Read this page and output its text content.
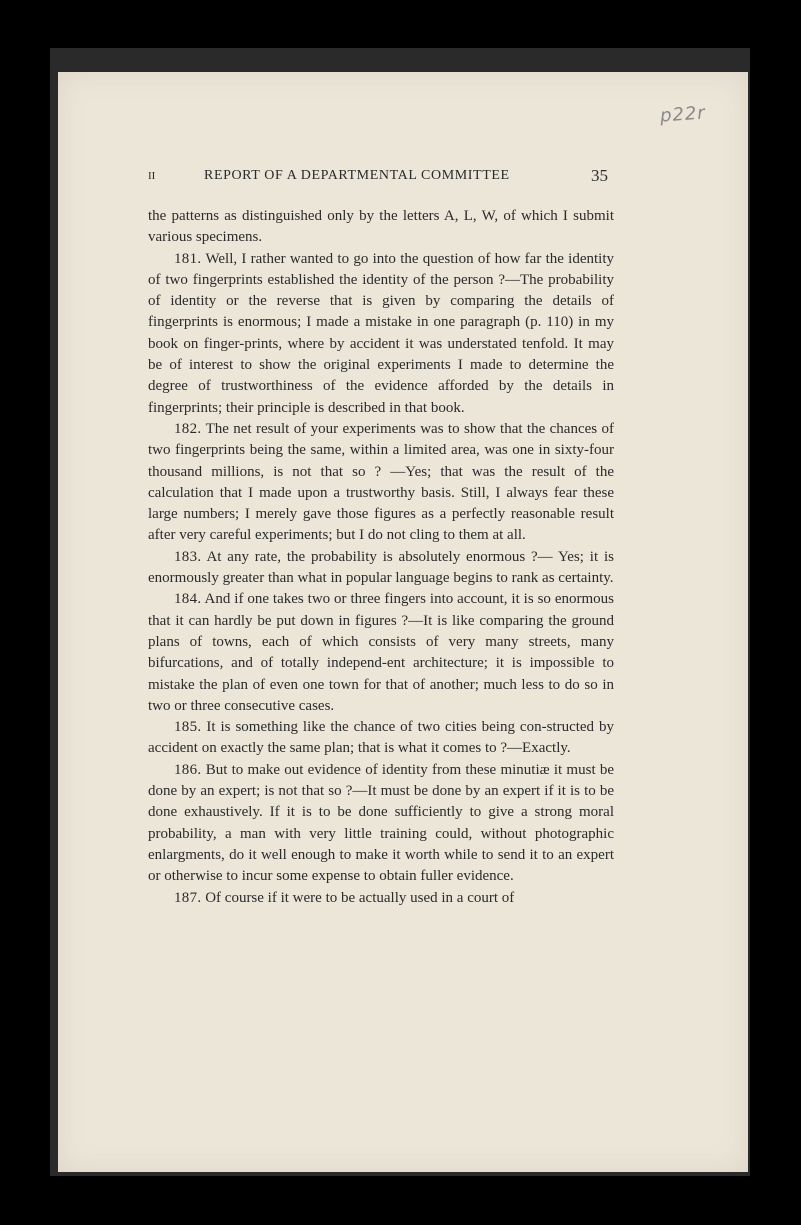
p22r
II	REPORT OF A DEPARTMENTAL COMMITTEE	35

the patterns as distinguished only by the letters A, L, W, of which I submit various specimens.

181. Well, I rather wanted to go into the question of how far the identity of two fingerprints established the identity of the person ?—The probability of identity or the reverse that is given by comparing the details of fingerprints is enormous; I made a mistake in one paragraph (p. 110) in my book on finger-prints, where by accident it was understated tenfold. It may be of interest to show the original experiments I made to determine the degree of trustworthiness of the evidence afforded by the details in fingerprints; their principle is described in that book.

182. The net result of your experiments was to show that the chances of two fingerprints being the same, within a limited area, was one in sixty-four thousand millions, is not that so ? —Yes; that was the result of the calculation that I made upon a trustworthy basis. Still, I always fear these large numbers; I merely gave those figures as a perfectly reasonable result after very careful experiments; but I do not cling to them at all.

183. At any rate, the probability is absolutely enormous ?— Yes; it is enormously greater than what in popular language begins to rank as certainty.

184. And if one takes two or three fingers into account, it is so enormous that it can hardly be put down in figures ?—It is like comparing the ground plans of towns, each of which consists of very many streets, many bifurcations, and of totally independ-ent architecture; it is impossible to mistake the plan of even one town for that of another; much less to do so in two or three consecutive cases.

185. It is something like the chance of two cities being con-structed by accident on exactly the same plan; that is what it comes to ?—Exactly.

186. But to make out evidence of identity from these minutiæ it must be done by an expert; is not that so ?—It must be done by an expert if it is to be done exhaustively. If it is to be done sufficiently to give a strong moral probability, a man with very little training could, without photographic enlargments, do it well enough to make it worth while to send it to an expert or otherwise to incur some expense to obtain fuller evidence.

187. Of course if it were to be actually used in a court of
